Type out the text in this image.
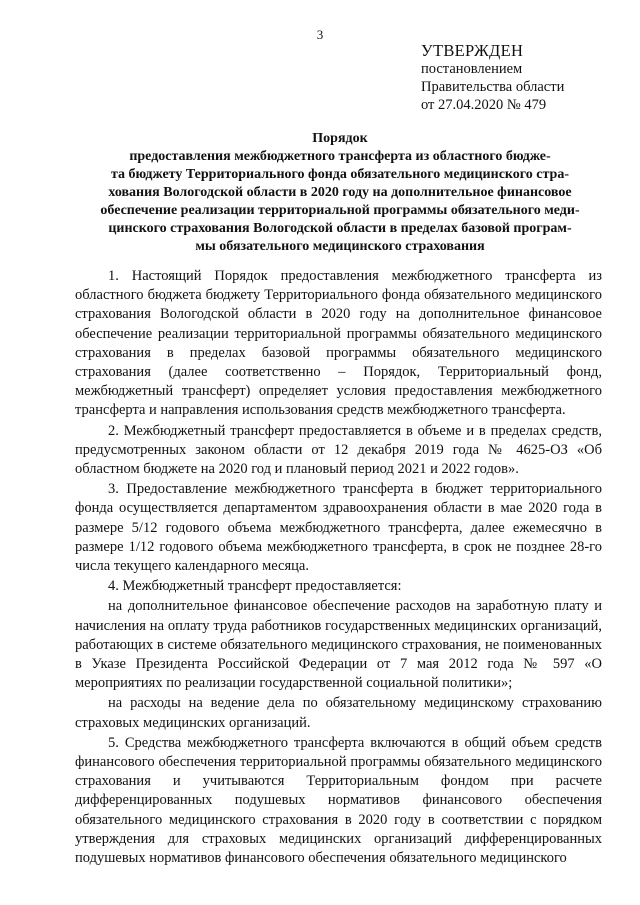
3
УТВЕРЖДЕН
постановлением
Правительства области
от 27.04.2020 № 479
Порядок
предоставления межбюджетного трансферта из областного бюдже-
та бюджету Территориального фонда обязательного медицинского стра-
хования Вологодской области в 2020 году на дополнительное финансовое
обеспечение реализации территориальной программы обязательного меди-
цинского страхования Вологодской области в пределах базовой програм-
мы обязательного медицинского страхования

1. Настоящий Порядок предоставления межбюджетного трансферта из областного бюджета бюджету Территориального фонда обязательного медицинского страхования Вологодской области в 2020 году на дополнительное финансовое обеспечение реализации территориальной программы обязательного медицинского страхования в пределах базовой программы обязательного медицинского страхования (далее соответственно – Порядок, Территориальный фонд, межбюджетный трансферт) определяет условия предоставления межбюджетного трансферта и направления использования средств межбюджетного трансферта.

2. Межбюджетный трансферт предоставляется в объеме и в пределах средств, предусмотренных законом области от 12 декабря 2019 года № 4625-ОЗ «Об областном бюджете на 2020 год и плановый период 2021 и 2022 годов».

3. Предоставление межбюджетного трансферта в бюджет территориального фонда осуществляется департаментом здравоохранения области в мае 2020 года в размере 5/12 годового объема межбюджетного трансферта, далее ежемесячно в размере 1/12 годового объема межбюджетного трансферта, в срок не позднее 28-го числа текущего календарного месяца.

4. Межбюджетный трансферт предоставляется:

на дополнительное финансовое обеспечение расходов на заработную плату и начисления на оплату труда работников государственных медицинских организаций, работающих в системе обязательного медицинского страхования, не поименованных в Указе Президента Российской Федерации от 7 мая 2012 года № 597 «О мероприятиях по реализации государственной социальной политики»;

на расходы на ведение дела по обязательному медицинскому страхованию страховых медицинских организаций.

5. Средства межбюджетного трансферта включаются в общий объем средств финансового обеспечения территориальной программы обязательного медицинского страхования и учитываются Территориальным фондом при расчете дифференцированных подушевых нормативов финансового обеспечения обязательного медицинского страхования в 2020 году в соответствии с порядком утверждения для страховых медицинских организаций дифференцированных подушевых нормативов финансового обеспечения обязательного медицинского
